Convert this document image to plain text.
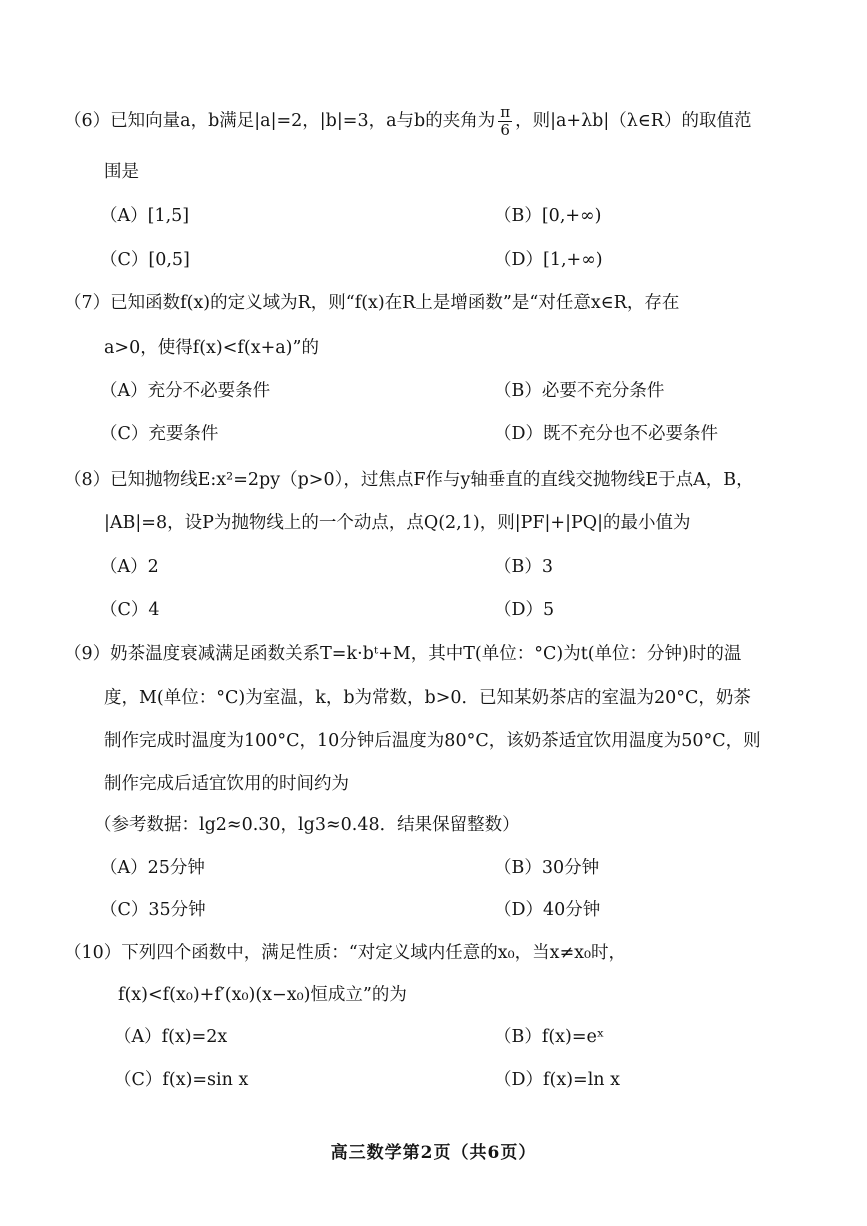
（6）已知向量a，b满足|a|=2，|b|=3，a与b的夹角为 $\frac{\pi}{6}$ ，则|a+λb|（λ∈R）的取值范
围是
（A）[1,5]	（B）[0,+∞)
（C）[0,5]	（D）[1,+∞)
（7）已知函数f(x)的定义域为R，则“f(x)在R上是增函数”是“对任意x∈R，存在
a>0，使得f(x)<f(x+a)”的
（A）充分不必要条件	（B）必要不充分条件
（C）充要条件	（D）既不充分也不必要条件
（8）已知抛物线E:x²=2py（p>0），过焦点F作与y轴垂直的直线交抛物线E于点A，B，
|AB|=8，设P为抛物线上的一个动点，点Q(2,1)，则|PF|+|PQ|的最小值为
（A）2	（B）3
（C）4	（D）5
（9）奶茶温度衰减满足函数关系T=k·bᵗ+M，其中T(单位：°C)为t(单位：分钟)时的温
度，M(单位：°C)为室温，k，b为常数，b>0．已知某奶茶店的室温为20°C，奶茶
制作完成时温度为100°C，10分钟后温度为80°C，该奶茶适宜饮用温度为50°C，则
制作完成后适宜饮用的时间约为
（参考数据：lg2≈0.30，lg3≈0.48．结果保留整数）
（A）25分钟	（B）30分钟
（C）35分钟	（D）40分钟
（10）下列四个函数中，满足性质：“对定义域内任意的x₀，当x≠x₀时，
f(x)<f(x₀)+f′(x₀)(x−x₀)恒成立”的为
（A）f(x)=2x	（B）f(x)=eˣ
（C）f(x)=sin x	（D）f(x)=ln x
高三数学第2页（共6页）
